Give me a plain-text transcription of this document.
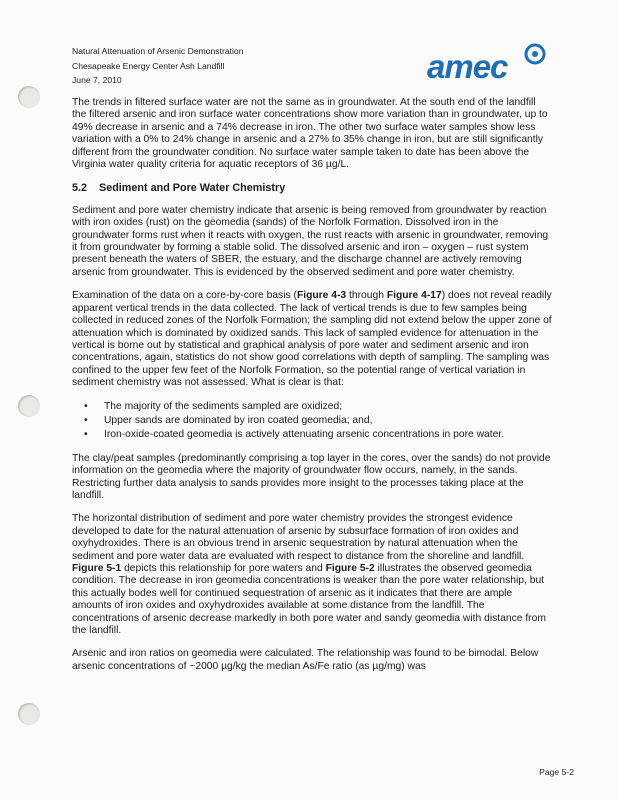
Natural Attenuation of Arsenic Demonstration
Chesapeake Energy Center Ash Landfill
June 7, 2010	amec

The trends in filtered surface water are not the same as in groundwater. At the south end of the landfill the filtered arsenic and iron surface water concentrations show more variation than in groundwater, up to 49% decrease in arsenic and a 74% decrease in iron. The other two surface water samples show less variation with a 0% to 24% change in arsenic and a 27% to 35% change in iron, but are still significantly different from the groundwater condition. No surface water sample taken to date has been above the Virginia water quality criteria for aquatic receptors of 36 µg/L.

5.2 Sediment and Pore Water Chemistry

Sediment and pore water chemistry indicate that arsenic is being removed from groundwater by reaction with iron oxides (rust) on the geomedia (sands) of the Norfolk Formation. Dissolved iron in the groundwater forms rust when it reacts with oxygen, the rust reacts with arsenic in groundwater, removing it from groundwater by forming a stable solid. The dissolved arsenic and iron – oxygen – rust system present beneath the waters of SBER, the estuary, and the discharge channel are actively removing arsenic from groundwater. This is evidenced by the observed sediment and pore water chemistry.

Examination of the data on a core-by-core basis (Figure 4-3 through Figure 4-17) does not reveal readily apparent vertical trends in the data collected. The lack of vertical trends is due to few samples being collected in reduced zones of the Norfolk Formation; the sampling did not extend below the upper zone of attenuation which is dominated by oxidized sands. This lack of sampled evidence for attenuation in the vertical is borne out by statistical and graphical analysis of pore water and sediment arsenic and iron concentrations, again, statistics do not show good correlations with depth of sampling. The sampling was confined to the upper few feet of the Norfolk Formation, so the potential range of vertical variation in sediment chemistry was not assessed. What is clear is that:

• The majority of the sediments sampled are oxidized;
• Upper sands are dominated by iron coated geomedia; and,
• Iron-oxide-coated geomedia is actively attenuating arsenic concentrations in pore water.

The clay/peat samples (predominantly comprising a top layer in the cores, over the sands) do not provide information on the geomedia where the majority of groundwater flow occurs, namely, in the sands. Restricting further data analysis to sands provides more insight to the processes taking place at the landfill.

The horizontal distribution of sediment and pore water chemistry provides the strongest evidence developed to date for the natural attenuation of arsenic by subsurface formation of iron oxides and oxyhydroxides. There is an obvious trend in arsenic sequestration by natural attenuation when the sediment and pore water data are evaluated with respect to distance from the shoreline and landfill. Figure 5-1 depicts this relationship for pore waters and Figure 5-2 illustrates the observed geomedia condition. The decrease in iron geomedia concentrations is weaker than the pore water relationship, but this actually bodes well for continued sequestration of arsenic as it indicates that there are ample amounts of iron oxides and oxyhydroxides available at some distance from the landfill. The concentrations of arsenic decrease markedly in both pore water and sandy geomedia with distance from the landfill.

Arsenic and iron ratios on geomedia were calculated. The relationship was found to be bimodal. Below arsenic concentrations of ~2000 µg/kg the median As/Fe ratio (as µg/mg) was

Page 5-2
